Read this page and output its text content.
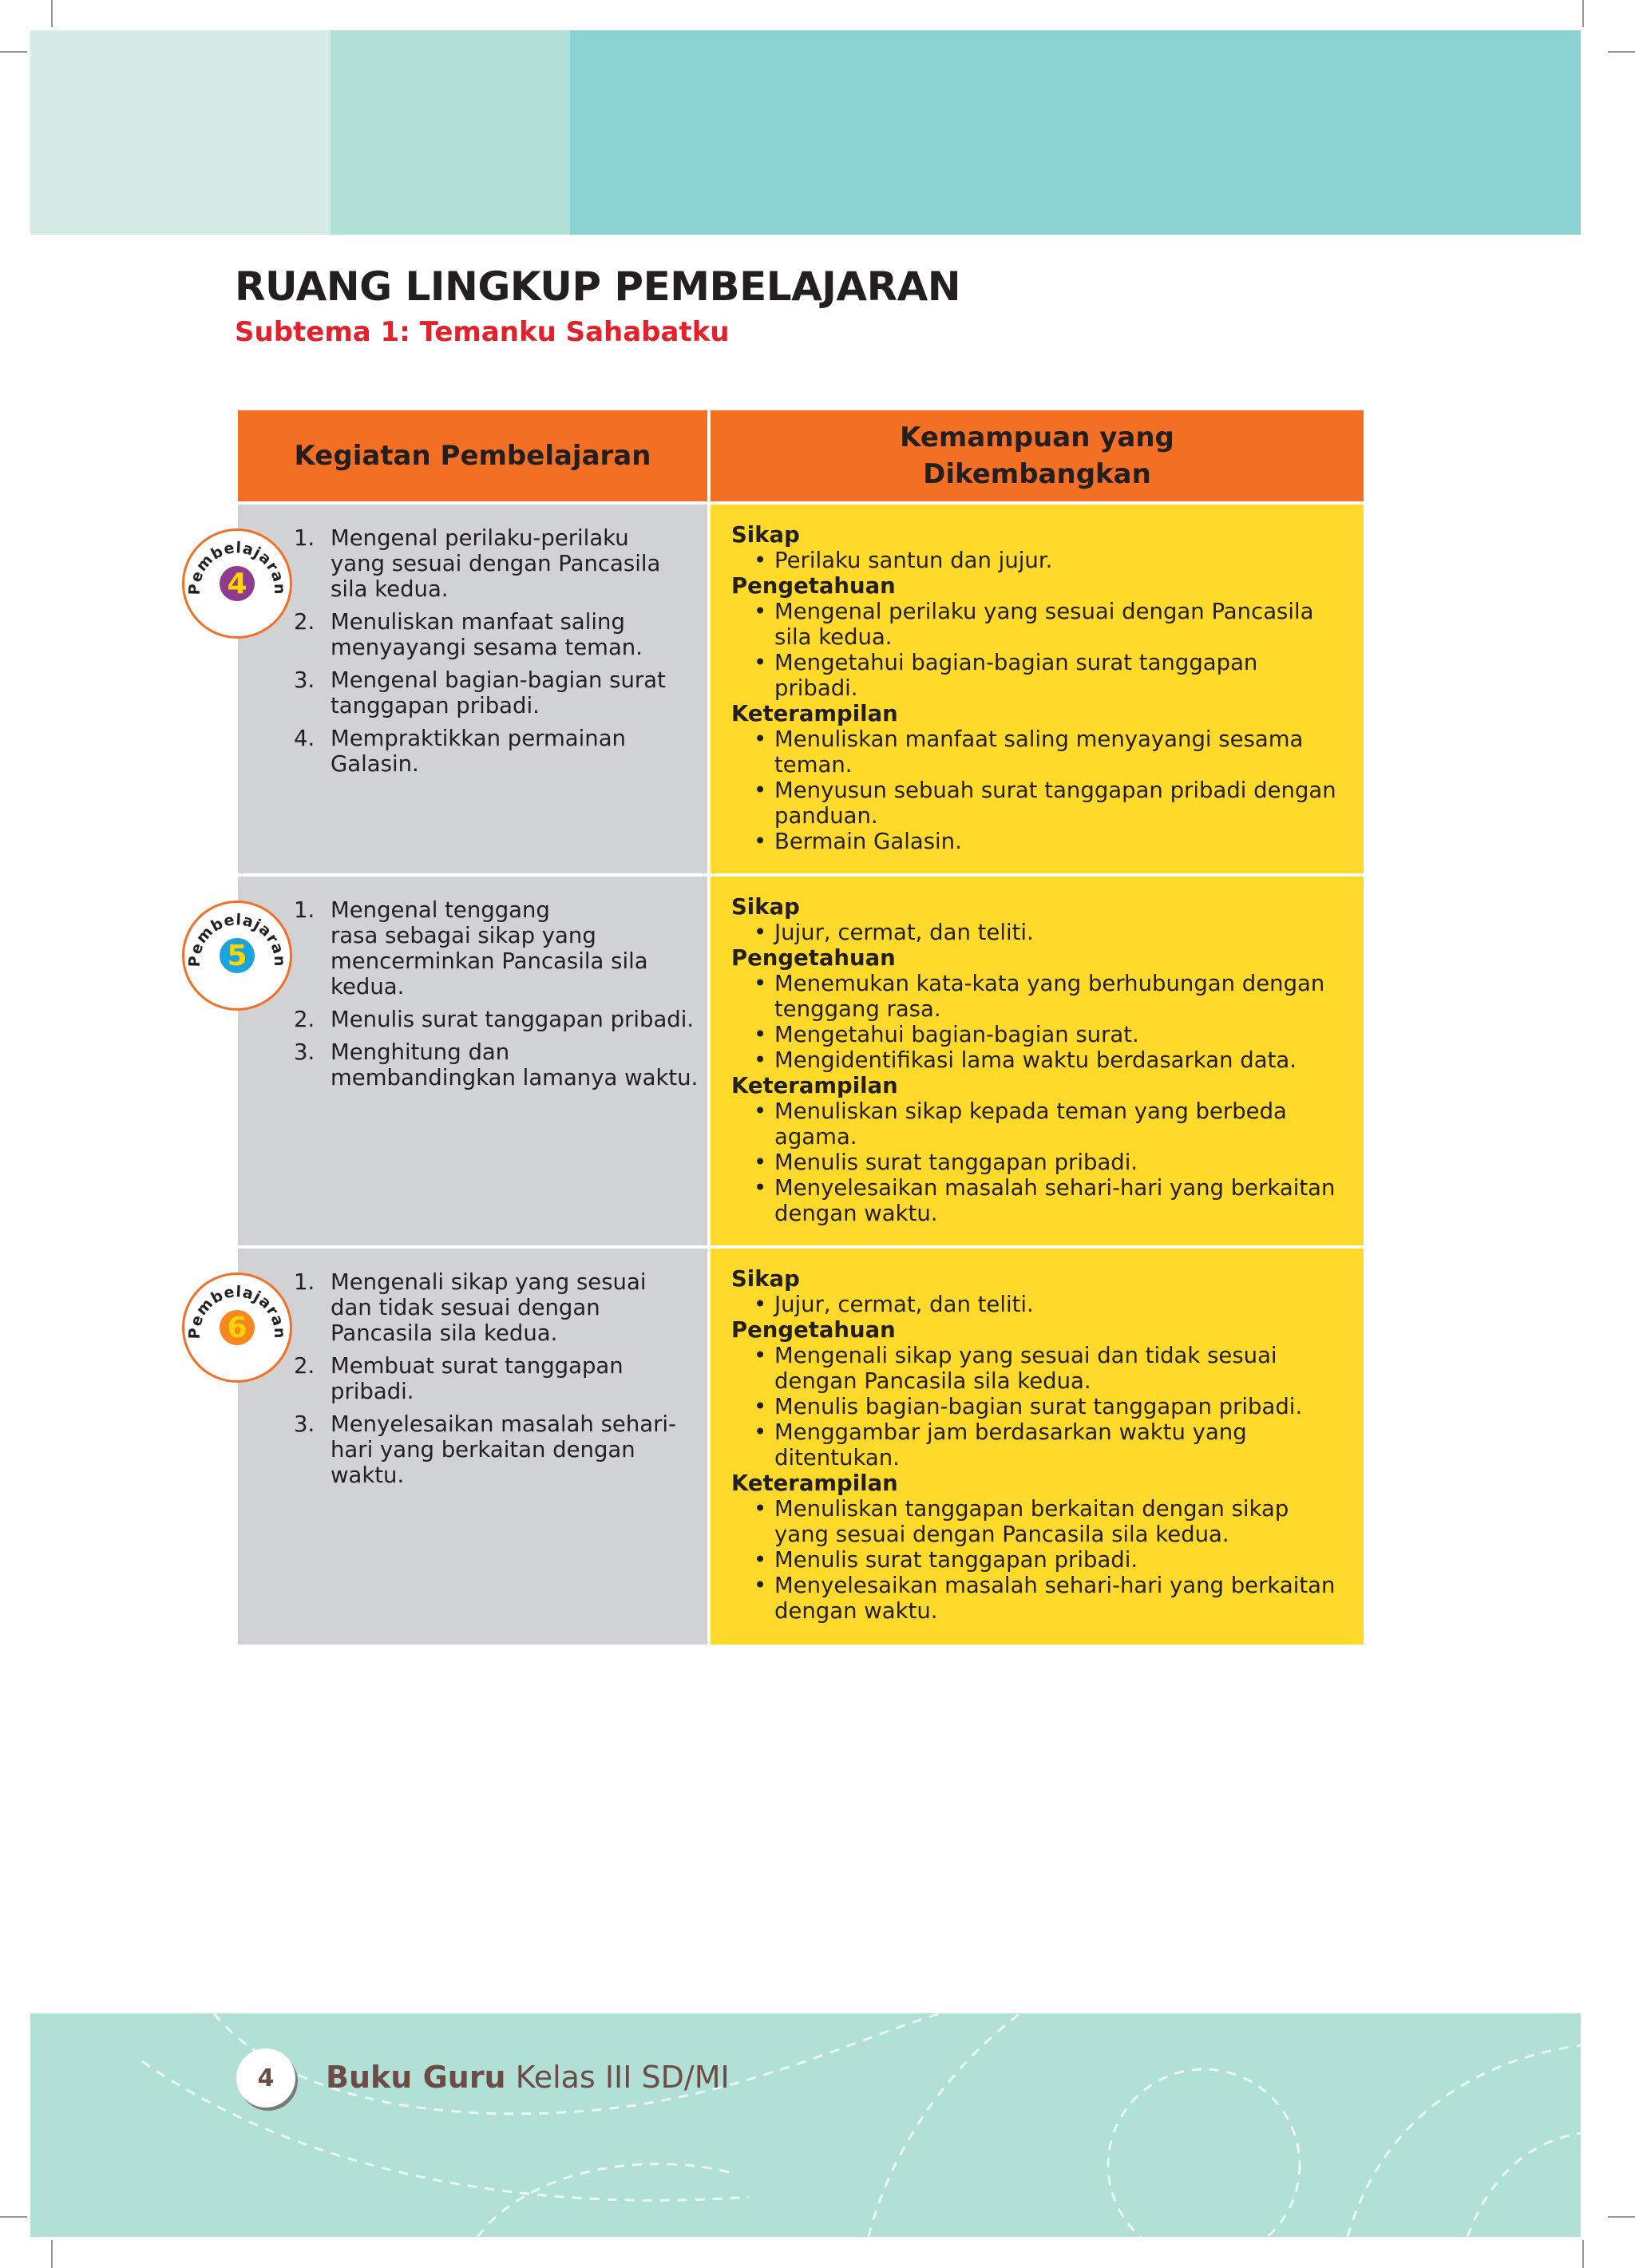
RUANG LINGKUP PEMBELAJARAN
Subtema 1: Temanku Sahabatku
Kegiatan Pembelajaran
Kemampuan yang
Dikembangkan
Pembelajaran
4
1. Mengenal perilaku-perilaku
yang sesuai dengan Pancasila
sila kedua.
2. Menuliskan manfaat saling
menyayangi sesama teman.
3. Mengenal bagian-bagian surat
tanggapan pribadi.
4. Mempraktikkan permainan
Galasin.
Sikap
• Perilaku santun dan jujur.
Pengetahuan
• Mengenal perilaku yang sesuai dengan Pancasila
sila kedua.
• Mengetahui bagian-bagian surat tanggapan
pribadi.
Keterampilan
• Menuliskan manfaat saling menyayangi sesama
teman.
• Menyusun sebuah surat tanggapan pribadi dengan
panduan.
• Bermain Galasin.
Pembelajaran
5
1. Mengenal tenggang
rasa sebagai sikap yang
mencerminkan Pancasila sila
kedua.
2. Menulis surat tanggapan pribadi.
3. Menghitung dan
membandingkan lamanya waktu.
Sikap
• Jujur, cermat, dan teliti.
Pengetahuan
• Menemukan kata-kata yang berhubungan dengan
tenggang rasa.
• Mengetahui bagian-bagian surat.
• Mengidentifikasi lama waktu berdasarkan data.
Keterampilan
• Menuliskan sikap kepada teman yang berbeda
agama.
• Menulis surat tanggapan pribadi.
• Menyelesaikan masalah sehari-hari yang berkaitan
dengan waktu.
Pembelajaran
6
1. Mengenali sikap yang sesuai
dan tidak sesuai dengan
Pancasila sila kedua.
2. Membuat surat tanggapan
pribadi.
3. Menyelesaikan masalah sehari-
hari yang berkaitan dengan
waktu.
Sikap
• Jujur, cermat, dan teliti.
Pengetahuan
• Mengenali sikap yang sesuai dan tidak sesuai
dengan Pancasila sila kedua.
• Menulis bagian-bagian surat tanggapan pribadi.
• Menggambar jam berdasarkan waktu yang
ditentukan.
Keterampilan
• Menuliskan tanggapan berkaitan dengan sikap
yang sesuai dengan Pancasila sila kedua.
• Menulis surat tanggapan pribadi.
• Menyelesaikan masalah sehari-hari yang berkaitan
dengan waktu.
4 Buku Guru Kelas III SD/MI
